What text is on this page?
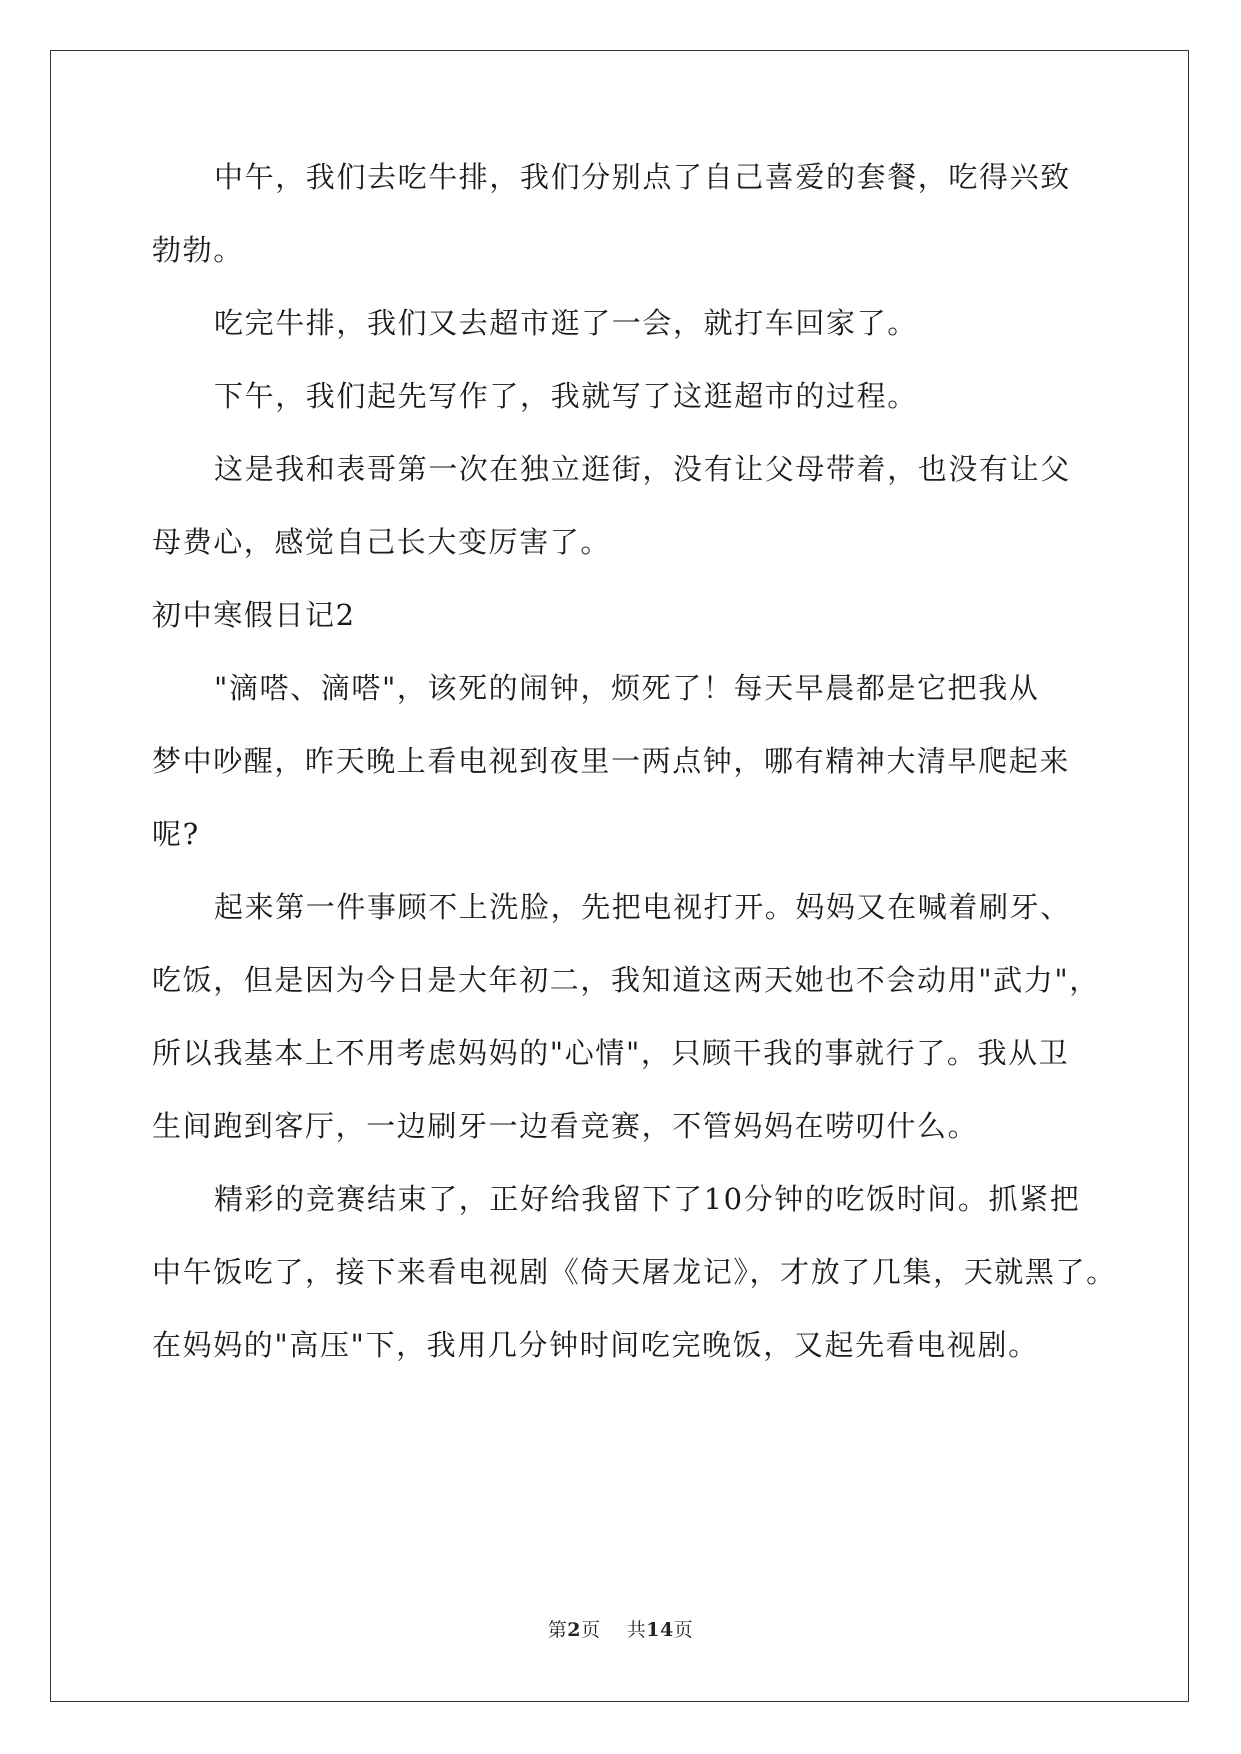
中午，我们去吃牛排，我们分别点了自己喜爱的套餐，吃得兴致
勃勃。
吃完牛排，我们又去超市逛了一会，就打车回家了。
下午，我们起先写作了，我就写了这逛超市的过程。
这是我和表哥第一次在独立逛街，没有让父母带着，也没有让父
母费心，感觉自己长大变厉害了。
初中寒假日记2
"滴嗒、滴嗒"，该死的闹钟，烦死了！每天早晨都是它把我从
梦中吵醒，昨天晚上看电视到夜里一两点钟，哪有精神大清早爬起来
呢?
起来第一件事顾不上洗脸，先把电视打开。妈妈又在喊着刷牙、
吃饭，但是因为今日是大年初二，我知道这两天她也不会动用"武力"，
所以我基本上不用考虑妈妈的"心情"，只顾干我的事就行了。我从卫
生间跑到客厅，一边刷牙一边看竞赛，不管妈妈在唠叨什么。
精彩的竞赛结束了，正好给我留下了10分钟的吃饭时间。抓紧把
中午饭吃了，接下来看电视剧《倚天屠龙记》，才放了几集，天就黑了。
在妈妈的"高压"下，我用几分钟时间吃完晚饭，又起先看电视剧。
第2页 共14页
